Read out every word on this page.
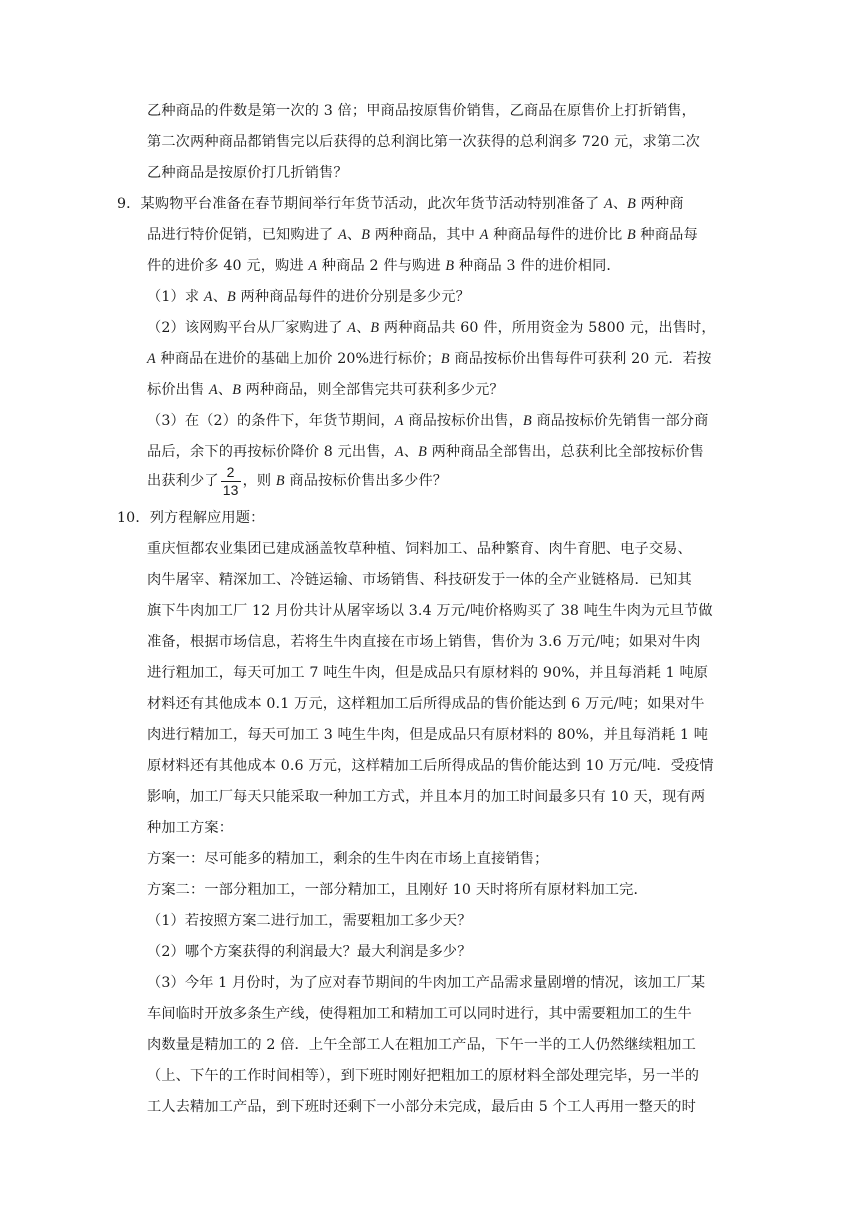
乙种商品的件数是第一次的 3 倍；甲商品按原售价销售，乙商品在原售价上打折销售，
第二次两种商品都销售完以后获得的总利润比第一次获得的总利润多 720 元，求第二次
乙种商品是按原价打几折销售？
9．某购物平台准备在春节期间举行年货节活动，此次年货节活动特别准备了 A、B 两种商
品进行特价促销，已知购进了 A、B 两种商品，其中 A 种商品每件的进价比 B 种商品每
件的进价多 40 元，购进 A 种商品 2 件与购进 B 种商品 3 件的进价相同．
（1）求 A、B 两种商品每件的进价分别是多少元？
（2）该网购平台从厂家购进了 A、B 两种商品共 60 件，所用资金为 5800 元，出售时，
A 种商品在进价的基础上加价 20%进行标价；B 商品按标价出售每件可获利 20 元．若按
标价出售 A、B 两种商品，则全部售完共可获利多少元？
（3）在（2）的条件下，年货节期间，A 商品按标价出售，B 商品按标价先销售一部分商
品后，余下的再按标价降价 8 元出售，A、B 两种商品全部售出，总获利比全部按标价售
出获利少了 $\frac{2}{13}$ ，则 B 商品按标价售出多少件？
10．列方程解应用题：
重庆恒都农业集团已建成涵盖牧草种植、饲料加工、品种繁育、肉牛育肥、电子交易、
肉牛屠宰、精深加工、冷链运输、市场销售、科技研发于一体的全产业链格局．已知其
旗下牛肉加工厂 12 月份共计从屠宰场以 3.4 万元/吨价格购买了 38 吨生牛肉为元旦节做
准备，根据市场信息，若将生牛肉直接在市场上销售，售价为 3.6 万元/吨；如果对牛肉
进行粗加工，每天可加工 7 吨生牛肉，但是成品只有原材料的 90%，并且每消耗 1 吨原
材料还有其他成本 0.1 万元，这样粗加工后所得成品的售价能达到 6 万元/吨；如果对牛
肉进行精加工，每天可加工 3 吨生牛肉，但是成品只有原材料的 80%，并且每消耗 1 吨
原材料还有其他成本 0.6 万元，这样精加工后所得成品的售价能达到 10 万元/吨．受疫情
影响，加工厂每天只能采取一种加工方式，并且本月的加工时间最多只有 10 天，现有两
种加工方案：
方案一：尽可能多的精加工，剩余的生牛肉在市场上直接销售；
方案二：一部分粗加工，一部分精加工，且刚好 10 天时将所有原材料加工完．
（1）若按照方案二进行加工，需要粗加工多少天？
（2）哪个方案获得的利润最大？最大利润是多少？
（3）今年 1 月份时，为了应对春节期间的牛肉加工产品需求量剧增的情况，该加工厂某
车间临时开放多条生产线，使得粗加工和精加工可以同时进行，其中需要粗加工的生牛
肉数量是精加工的 2 倍．上午全部工人在粗加工产品，下午一半的工人仍然继续粗加工
（上、下午的工作时间相等），到下班时刚好把粗加工的原材料全部处理完毕，另一半的
工人去精加工产品，到下班时还剩下一小部分未完成，最后由 5 个工人再用一整天的时
